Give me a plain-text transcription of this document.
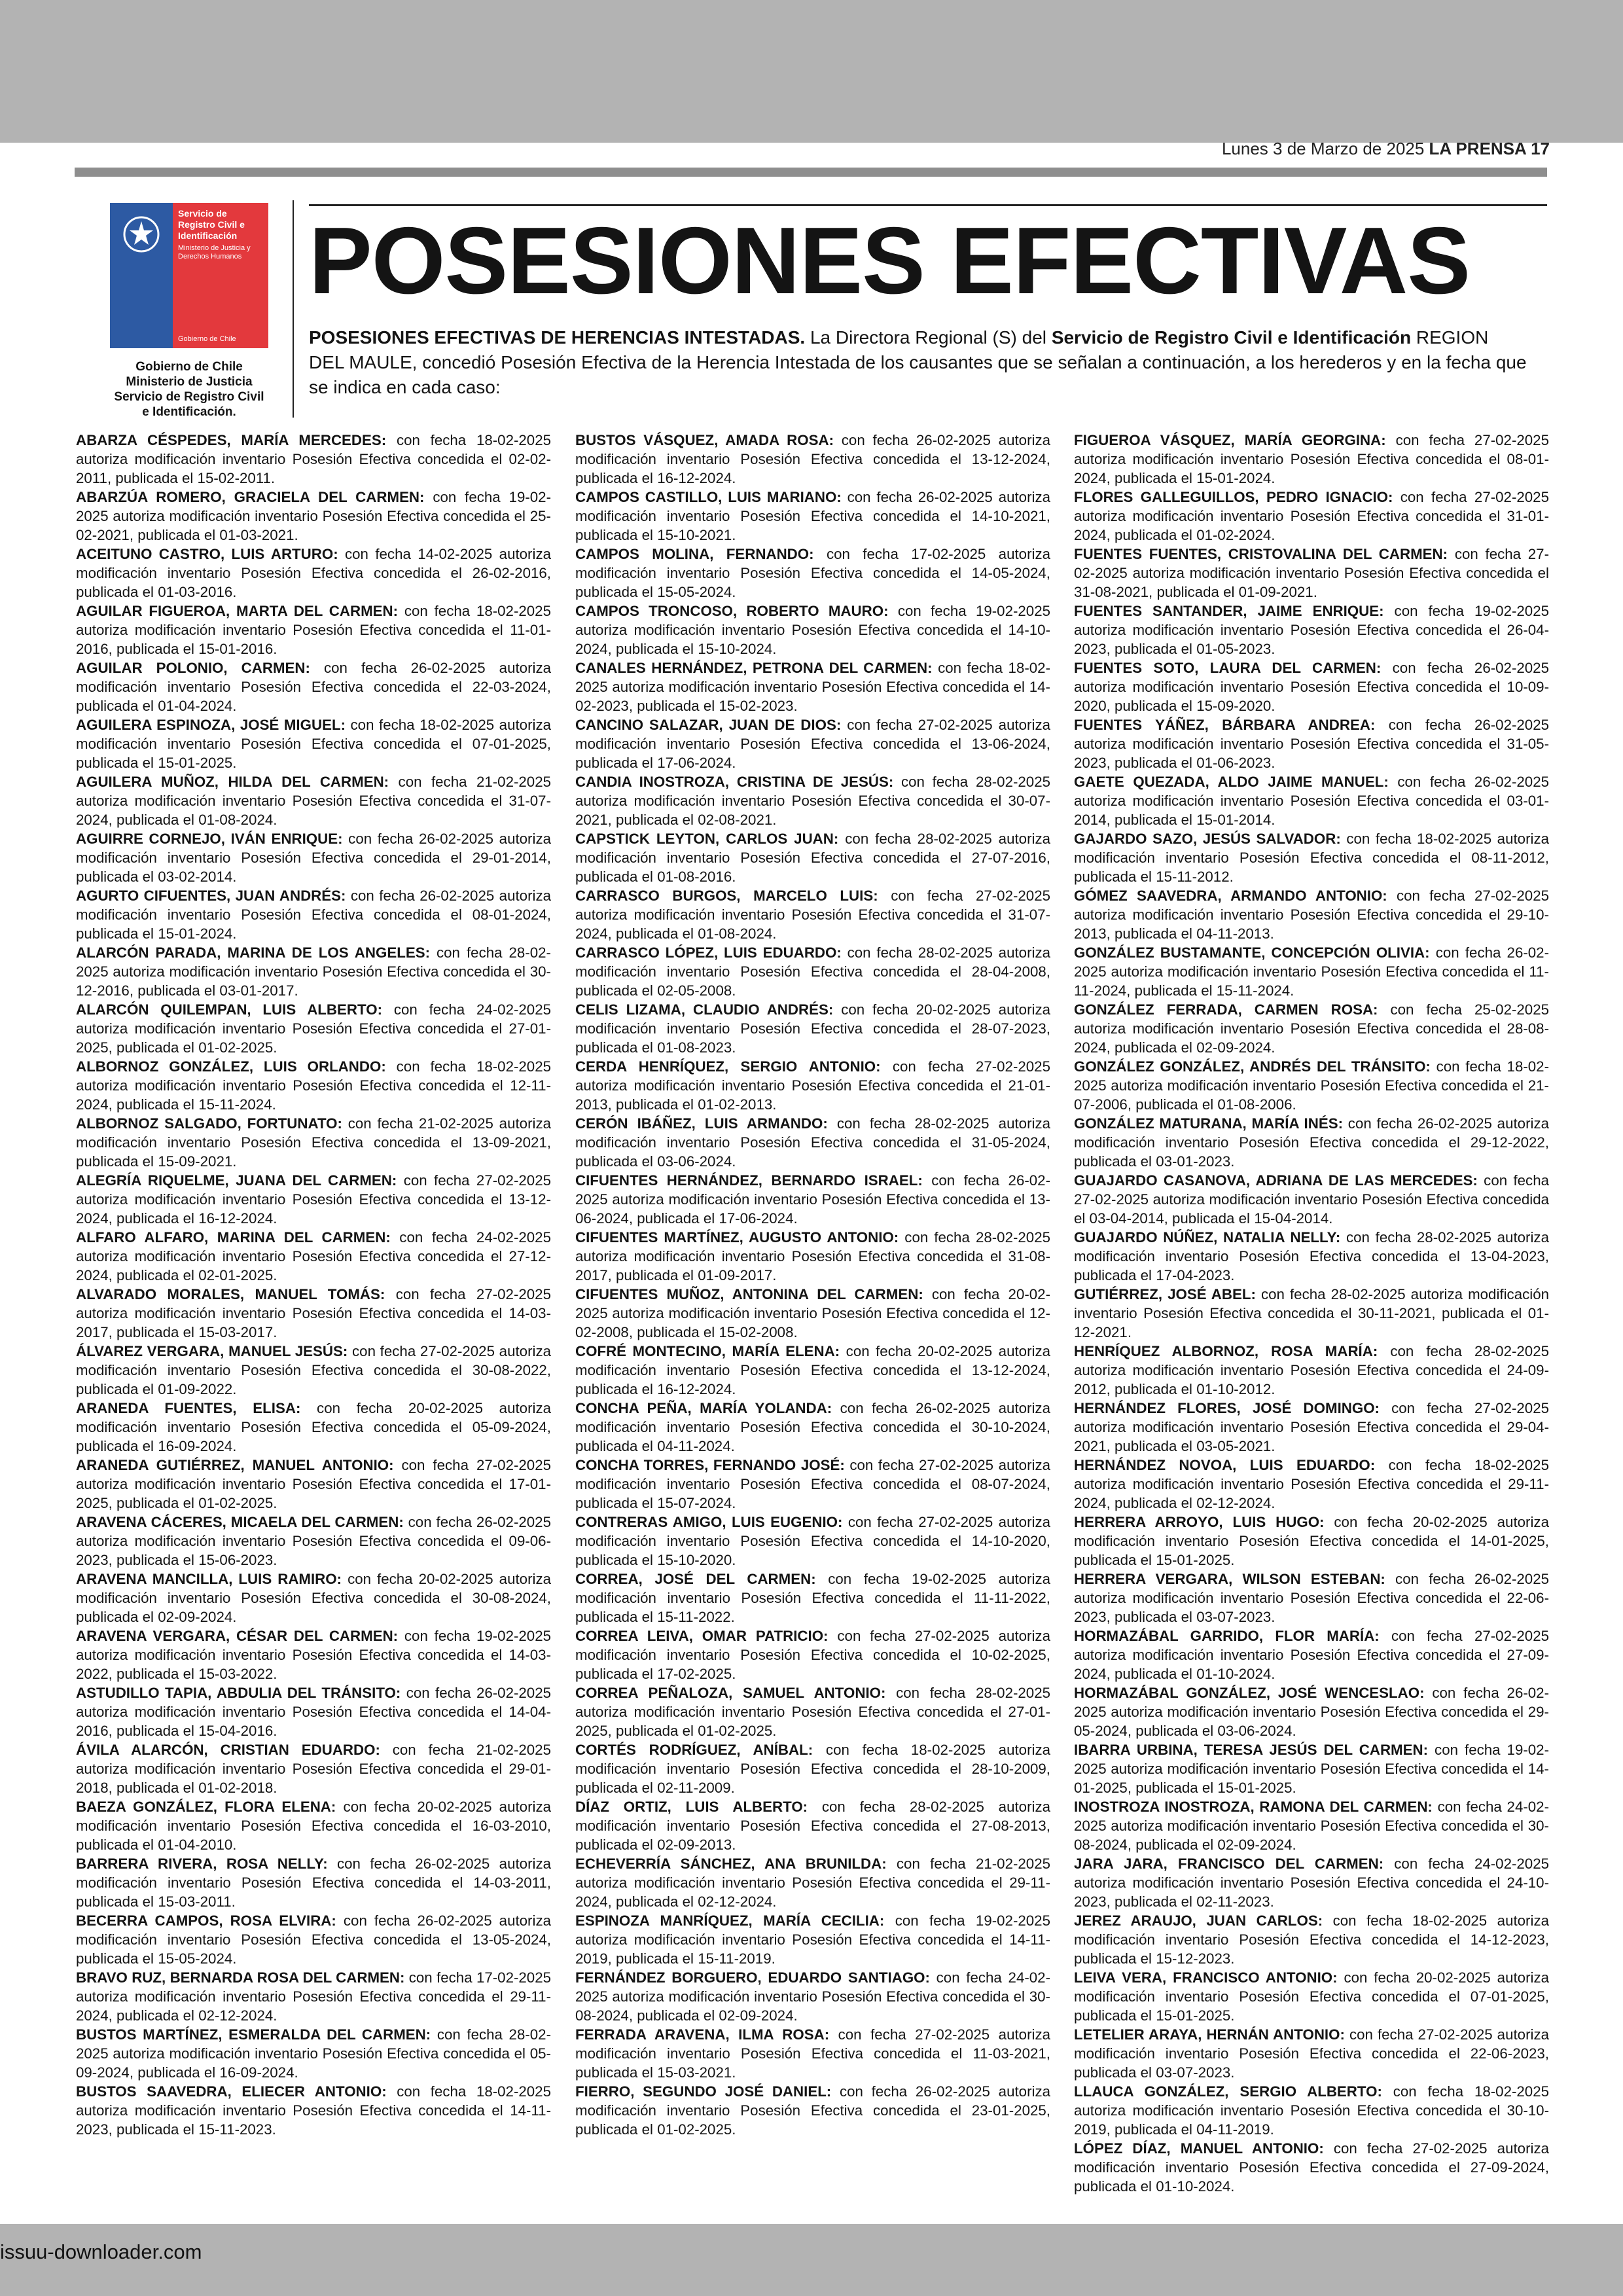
Lunes 3 de Marzo de 2025 LA PRENSA 17
Servicio de Registro Civil e Identificación
Ministerio de Justicia y Derechos Humanos
Gobierno de Chile
Gobierno de Chile
Ministerio de Justicia
Servicio de Registro Civil
e Identificación.
POSESIONES EFECTIVAS
POSESIONES EFECTIVAS DE HERENCIAS INTESTADAS. La Directora Regional (S) del Servicio de Registro Civil e Identificación REGION DEL MAULE, concedió Posesión Efectiva de la Herencia Intestada de los causantes que se señalan a continuación, a los herederos y en la fecha que se indica en cada caso:

ABARZA CÉSPEDES, MARÍA MERCEDES: con fecha 18-02-2025 autoriza modificación inventario Posesión Efectiva concedida el 02-02-2011, publicada el 15-02-2011.

ABARZÚA ROMERO, GRACIELA DEL CARMEN: con fecha 19-02-2025 autoriza modificación inventario Posesión Efectiva concedida el 25-02-2021, publicada el 01-03-2021.

ACEITUNO CASTRO, LUIS ARTURO: con fecha 14-02-2025 autoriza modificación inventario Posesión Efectiva concedida el 26-02-2016, publicada el 01-03-2016.

AGUILAR FIGUEROA, MARTA DEL CARMEN: con fecha 18-02-2025 autoriza modificación inventario Posesión Efectiva concedida el 11-01-2016, publicada el 15-01-2016.

AGUILAR POLONIO, CARMEN: con fecha 26-02-2025 autoriza modificación inventario Posesión Efectiva concedida el 22-03-2024, publicada el 01-04-2024.

AGUILERA ESPINOZA, JOSÉ MIGUEL: con fecha 18-02-2025 autoriza modificación inventario Posesión Efectiva concedida el 07-01-2025, publicada el 15-01-2025.

AGUILERA MUÑOZ, HILDA DEL CARMEN: con fecha 21-02-2025 autoriza modificación inventario Posesión Efectiva concedida el 31-07-2024, publicada el 01-08-2024.

AGUIRRE CORNEJO, IVÁN ENRIQUE: con fecha 26-02-2025 autoriza modificación inventario Posesión Efectiva concedida el 29-01-2014, publicada el 03-02-2014.

AGURTO CIFUENTES, JUAN ANDRÉS: con fecha 26-02-2025 autoriza modificación inventario Posesión Efectiva concedida el 08-01-2024, publicada el 15-01-2024.

ALARCÓN PARADA, MARINA DE LOS ANGELES: con fecha 28-02-2025 autoriza modificación inventario Posesión Efectiva concedida el 30-12-2016, publicada el 03-01-2017.

ALARCÓN QUILEMPAN, LUIS ALBERTO: con fecha 24-02-2025 autoriza modificación inventario Posesión Efectiva concedida el 27-01-2025, publicada el 01-02-2025.

ALBORNOZ GONZÁLEZ, LUIS ORLANDO: con fecha 18-02-2025 autoriza modificación inventario Posesión Efectiva concedida el 12-11-2024, publicada el 15-11-2024.

ALBORNOZ SALGADO, FORTUNATO: con fecha 21-02-2025 autoriza modificación inventario Posesión Efectiva concedida el 13-09-2021, publicada el 15-09-2021.

ALEGRÍA RIQUELME, JUANA DEL CARMEN: con fecha 27-02-2025 autoriza modificación inventario Posesión Efectiva concedida el 13-12-2024, publicada el 16-12-2024.

ALFARO ALFARO, MARINA DEL CARMEN: con fecha 24-02-2025 autoriza modificación inventario Posesión Efectiva concedida el 27-12-2024, publicada el 02-01-2025.

ALVARADO MORALES, MANUEL TOMÁS: con fecha 27-02-2025 autoriza modificación inventario Posesión Efectiva concedida el 14-03-2017, publicada el 15-03-2017.

ÁLVAREZ VERGARA, MANUEL JESÚS: con fecha 27-02-2025 autoriza modificación inventario Posesión Efectiva concedida el 30-08-2022, publicada el 01-09-2022.

ARANEDA FUENTES, ELISA: con fecha 20-02-2025 autoriza modificación inventario Posesión Efectiva concedida el 05-09-2024, publicada el 16-09-2024.

ARANEDA GUTIÉRREZ, MANUEL ANTONIO: con fecha 27-02-2025 autoriza modificación inventario Posesión Efectiva concedida el 17-01-2025, publicada el 01-02-2025.

ARAVENA CÁCERES, MICAELA DEL CARMEN: con fecha 26-02-2025 autoriza modificación inventario Posesión Efectiva concedida el 09-06-2023, publicada el 15-06-2023.

ARAVENA MANCILLA, LUIS RAMIRO: con fecha 20-02-2025 autoriza modificación inventario Posesión Efectiva concedida el 30-08-2024, publicada el 02-09-2024.

ARAVENA VERGARA, CÉSAR DEL CARMEN: con fecha 19-02-2025 autoriza modificación inventario Posesión Efectiva concedida el 14-03-2022, publicada el 15-03-2022.

ASTUDILLO TAPIA, ABDULIA DEL TRÁNSITO: con fecha 26-02-2025 autoriza modificación inventario Posesión Efectiva concedida el 14-04-2016, publicada el 15-04-2016.

ÁVILA ALARCÓN, CRISTIAN EDUARDO: con fecha 21-02-2025 autoriza modificación inventario Posesión Efectiva concedida el 29-01-2018, publicada el 01-02-2018.

BAEZA GONZÁLEZ, FLORA ELENA: con fecha 20-02-2025 autoriza modificación inventario Posesión Efectiva concedida el 16-03-2010, publicada el 01-04-2010.

BARRERA RIVERA, ROSA NELLY: con fecha 26-02-2025 autoriza modificación inventario Posesión Efectiva concedida el 14-03-2011, publicada el 15-03-2011.

BECERRA CAMPOS, ROSA ELVIRA: con fecha 26-02-2025 autoriza modificación inventario Posesión Efectiva concedida el 13-05-2024, publicada el 15-05-2024.

BRAVO RUZ, BERNARDA ROSA DEL CARMEN: con fecha 17-02-2025 autoriza modificación inventario Posesión Efectiva concedida el 29-11-2024, publicada el 02-12-2024.

BUSTOS MARTÍNEZ, ESMERALDA DEL CARMEN: con fecha 28-02-2025 autoriza modificación inventario Posesión Efectiva concedida el 05-09-2024, publicada el 16-09-2024.

BUSTOS SAAVEDRA, ELIECER ANTONIO: con fecha 18-02-2025 autoriza modificación inventario Posesión Efectiva concedida el 14-11-2023, publicada el 15-11-2023.

BUSTOS VÁSQUEZ, AMADA ROSA: con fecha 26-02-2025 autoriza modificación inventario Posesión Efectiva concedida el 13-12-2024, publicada el 16-12-2024.

CAMPOS CASTILLO, LUIS MARIANO: con fecha 26-02-2025 autoriza modificación inventario Posesión Efectiva concedida el 14-10-2021, publicada el 15-10-2021.

CAMPOS MOLINA, FERNANDO: con fecha 17-02-2025 autoriza modificación inventario Posesión Efectiva concedida el 14-05-2024, publicada el 15-05-2024.

CAMPOS TRONCOSO, ROBERTO MAURO: con fecha 19-02-2025 autoriza modificación inventario Posesión Efectiva concedida el 14-10-2024, publicada el 15-10-2024.

CANALES HERNÁNDEZ, PETRONA DEL CARMEN: con fecha 18-02-2025 autoriza modificación inventario Posesión Efectiva concedida el 14-02-2023, publicada el 15-02-2023.

CANCINO SALAZAR, JUAN DE DIOS: con fecha 27-02-2025 autoriza modificación inventario Posesión Efectiva concedida el 13-06-2024, publicada el 17-06-2024.

CANDIA INOSTROZA, CRISTINA DE JESÚS: con fecha 28-02-2025 autoriza modificación inventario Posesión Efectiva concedida el 30-07-2021, publicada el 02-08-2021.

CAPSTICK LEYTON, CARLOS JUAN: con fecha 28-02-2025 autoriza modificación inventario Posesión Efectiva concedida el 27-07-2016, publicada el 01-08-2016.

CARRASCO BURGOS, MARCELO LUIS: con fecha 27-02-2025 autoriza modificación inventario Posesión Efectiva concedida el 31-07-2024, publicada el 01-08-2024.

CARRASCO LÓPEZ, LUIS EDUARDO: con fecha 28-02-2025 autoriza modificación inventario Posesión Efectiva concedida el 28-04-2008, publicada el 02-05-2008.

CELIS LIZAMA, CLAUDIO ANDRÉS: con fecha 20-02-2025 autoriza modificación inventario Posesión Efectiva concedida el 28-07-2023, publicada el 01-08-2023.

CERDA HENRÍQUEZ, SERGIO ANTONIO: con fecha 27-02-2025 autoriza modificación inventario Posesión Efectiva concedida el 21-01-2013, publicada el 01-02-2013.

CERÓN IBÁÑEZ, LUIS ARMANDO: con fecha 28-02-2025 autoriza modificación inventario Posesión Efectiva concedida el 31-05-2024, publicada el 03-06-2024.

CIFUENTES HERNÁNDEZ, BERNARDO ISRAEL: con fecha 26-02-2025 autoriza modificación inventario Posesión Efectiva concedida el 13-06-2024, publicada el 17-06-2024.

CIFUENTES MARTÍNEZ, AUGUSTO ANTONIO: con fecha 28-02-2025 autoriza modificación inventario Posesión Efectiva concedida el 31-08-2017, publicada el 01-09-2017.

CIFUENTES MUÑOZ, ANTONINA DEL CARMEN: con fecha 20-02-2025 autoriza modificación inventario Posesión Efectiva concedida el 12-02-2008, publicada el 15-02-2008.

COFRÉ MONTECINO, MARÍA ELENA: con fecha 20-02-2025 autoriza modificación inventario Posesión Efectiva concedida el 13-12-2024, publicada el 16-12-2024.

CONCHA PEÑA, MARÍA YOLANDA: con fecha 26-02-2025 autoriza modificación inventario Posesión Efectiva concedida el 30-10-2024, publicada el 04-11-2024.

CONCHA TORRES, FERNANDO JOSÉ: con fecha 27-02-2025 autoriza modificación inventario Posesión Efectiva concedida el 08-07-2024, publicada el 15-07-2024.

CONTRERAS AMIGO, LUIS EUGENIO: con fecha 27-02-2025 autoriza modificación inventario Posesión Efectiva concedida el 14-10-2020, publicada el 15-10-2020.

CORREA, JOSÉ DEL CARMEN: con fecha 19-02-2025 autoriza modificación inventario Posesión Efectiva concedida el 11-11-2022, publicada el 15-11-2022.

CORREA LEIVA, OMAR PATRICIO: con fecha 27-02-2025 autoriza modificación inventario Posesión Efectiva concedida el 10-02-2025, publicada el 17-02-2025.

CORREA PEÑALOZA, SAMUEL ANTONIO: con fecha 28-02-2025 autoriza modificación inventario Posesión Efectiva concedida el 27-01-2025, publicada el 01-02-2025.

CORTÉS RODRÍGUEZ, ANÍBAL: con fecha 18-02-2025 autoriza modificación inventario Posesión Efectiva concedida el 28-10-2009, publicada el 02-11-2009.

DÍAZ ORTIZ, LUIS ALBERTO: con fecha 28-02-2025 autoriza modificación inventario Posesión Efectiva concedida el 27-08-2013, publicada el 02-09-2013.

ECHEVERRÍA SÁNCHEZ, ANA BRUNILDA: con fecha 21-02-2025 autoriza modificación inventario Posesión Efectiva concedida el 29-11-2024, publicada el 02-12-2024.

ESPINOZA MANRÍQUEZ, MARÍA CECILIA: con fecha 19-02-2025 autoriza modificación inventario Posesión Efectiva concedida el 14-11-2019, publicada el 15-11-2019.

FERNÁNDEZ BORGUERO, EDUARDO SANTIAGO: con fecha 24-02-2025 autoriza modificación inventario Posesión Efectiva concedida el 30-08-2024, publicada el 02-09-2024.

FERRADA ARAVENA, ILMA ROSA: con fecha 27-02-2025 autoriza modificación inventario Posesión Efectiva concedida el 11-03-2021, publicada el 15-03-2021.

FIERRO, SEGUNDO JOSÉ DANIEL: con fecha 26-02-2025 autoriza modificación inventario Posesión Efectiva concedida el 23-01-2025, publicada el 01-02-2025.

FIGUEROA VÁSQUEZ, MARÍA GEORGINA: con fecha 27-02-2025 autoriza modificación inventario Posesión Efectiva concedida el 08-01-2024, publicada el 15-01-2024.

FLORES GALLEGUILLOS, PEDRO IGNACIO: con fecha 27-02-2025 autoriza modificación inventario Posesión Efectiva concedida el 31-01-2024, publicada el 01-02-2024.

FUENTES FUENTES, CRISTOVALINA DEL CARMEN: con fecha 27-02-2025 autoriza modificación inventario Posesión Efectiva concedida el 31-08-2021, publicada el 01-09-2021.

FUENTES SANTANDER, JAIME ENRIQUE: con fecha 19-02-2025 autoriza modificación inventario Posesión Efectiva concedida el 26-04-2023, publicada el 01-05-2023.

FUENTES SOTO, LAURA DEL CARMEN: con fecha 26-02-2025 autoriza modificación inventario Posesión Efectiva concedida el 10-09-2020, publicada el 15-09-2020.

FUENTES YÁÑEZ, BÁRBARA ANDREA: con fecha 26-02-2025 autoriza modificación inventario Posesión Efectiva concedida el 31-05-2023, publicada el 01-06-2023.

GAETE QUEZADA, ALDO JAIME MANUEL: con fecha 26-02-2025 autoriza modificación inventario Posesión Efectiva concedida el 03-01-2014, publicada el 15-01-2014.

GAJARDO SAZO, JESÚS SALVADOR: con fecha 18-02-2025 autoriza modificación inventario Posesión Efectiva concedida el 08-11-2012, publicada el 15-11-2012.

GÓMEZ SAAVEDRA, ARMANDO ANTONIO: con fecha 27-02-2025 autoriza modificación inventario Posesión Efectiva concedida el 29-10-2013, publicada el 04-11-2013.

GONZÁLEZ BUSTAMANTE, CONCEPCIÓN OLIVIA: con fecha 26-02-2025 autoriza modificación inventario Posesión Efectiva concedida el 11-11-2024, publicada el 15-11-2024.

GONZÁLEZ FERRADA, CARMEN ROSA: con fecha 25-02-2025 autoriza modificación inventario Posesión Efectiva concedida el 28-08-2024, publicada el 02-09-2024.

GONZÁLEZ GONZÁLEZ, ANDRÉS DEL TRÁNSITO: con fecha 18-02-2025 autoriza modificación inventario Posesión Efectiva concedida el 21-07-2006, publicada el 01-08-2006.

GONZÁLEZ MATURANA, MARÍA INÉS: con fecha 26-02-2025 autoriza modificación inventario Posesión Efectiva concedida el 29-12-2022, publicada el 03-01-2023.

GUAJARDO CASANOVA, ADRIANA DE LAS MERCEDES: con fecha 27-02-2025 autoriza modificación inventario Posesión Efectiva concedida el 03-04-2014, publicada el 15-04-2014.

GUAJARDO NÚÑEZ, NATALIA NELLY: con fecha 28-02-2025 autoriza modificación inventario Posesión Efectiva concedida el 13-04-2023, publicada el 17-04-2023.

GUTIÉRREZ, JOSÉ ABEL: con fecha 28-02-2025 autoriza modificación inventario Posesión Efectiva concedida el 30-11-2021, publicada el 01-12-2021.

HENRÍQUEZ ALBORNOZ, ROSA MARÍA: con fecha 28-02-2025 autoriza modificación inventario Posesión Efectiva concedida el 24-09-2012, publicada el 01-10-2012.

HERNÁNDEZ FLORES, JOSÉ DOMINGO: con fecha 27-02-2025 autoriza modificación inventario Posesión Efectiva concedida el 29-04-2021, publicada el 03-05-2021.

HERNÁNDEZ NOVOA, LUIS EDUARDO: con fecha 18-02-2025 autoriza modificación inventario Posesión Efectiva concedida el 29-11-2024, publicada el 02-12-2024.

HERRERA ARROYO, LUIS HUGO: con fecha 20-02-2025 autoriza modificación inventario Posesión Efectiva concedida el 14-01-2025, publicada el 15-01-2025.

HERRERA VERGARA, WILSON ESTEBAN: con fecha 26-02-2025 autoriza modificación inventario Posesión Efectiva concedida el 22-06-2023, publicada el 03-07-2023.

HORMAZÁBAL GARRIDO, FLOR MARÍA: con fecha 27-02-2025 autoriza modificación inventario Posesión Efectiva concedida el 27-09-2024, publicada el 01-10-2024.

HORMAZÁBAL GONZÁLEZ, JOSÉ WENCESLAO: con fecha 26-02-2025 autoriza modificación inventario Posesión Efectiva concedida el 29-05-2024, publicada el 03-06-2024.

IBARRA URBINA, TERESA JESÚS DEL CARMEN: con fecha 19-02-2025 autoriza modificación inventario Posesión Efectiva concedida el 14-01-2025, publicada el 15-01-2025.

INOSTROZA INOSTROZA, RAMONA DEL CARMEN: con fecha 24-02-2025 autoriza modificación inventario Posesión Efectiva concedida el 30-08-2024, publicada el 02-09-2024.

JARA JARA, FRANCISCO DEL CARMEN: con fecha 24-02-2025 autoriza modificación inventario Posesión Efectiva concedida el 24-10-2023, publicada el 02-11-2023.

JEREZ ARAUJO, JUAN CARLOS: con fecha 18-02-2025 autoriza modificación inventario Posesión Efectiva concedida el 14-12-2023, publicada el 15-12-2023.

LEIVA VERA, FRANCISCO ANTONIO: con fecha 20-02-2025 autoriza modificación inventario Posesión Efectiva concedida el 07-01-2025, publicada el 15-01-2025.

LETELIER ARAYA, HERNÁN ANTONIO: con fecha 27-02-2025 autoriza modificación inventario Posesión Efectiva concedida el 22-06-2023, publicada el 03-07-2023.

LLAUCA GONZÁLEZ, SERGIO ALBERTO: con fecha 18-02-2025 autoriza modificación inventario Posesión Efectiva concedida el 30-10-2019, publicada el 04-11-2019.

LÓPEZ DÍAZ, MANUEL ANTONIO: con fecha 27-02-2025 autoriza modificación inventario Posesión Efectiva concedida el 27-09-2024, publicada el 01-10-2024.

issuu-downloader.com
